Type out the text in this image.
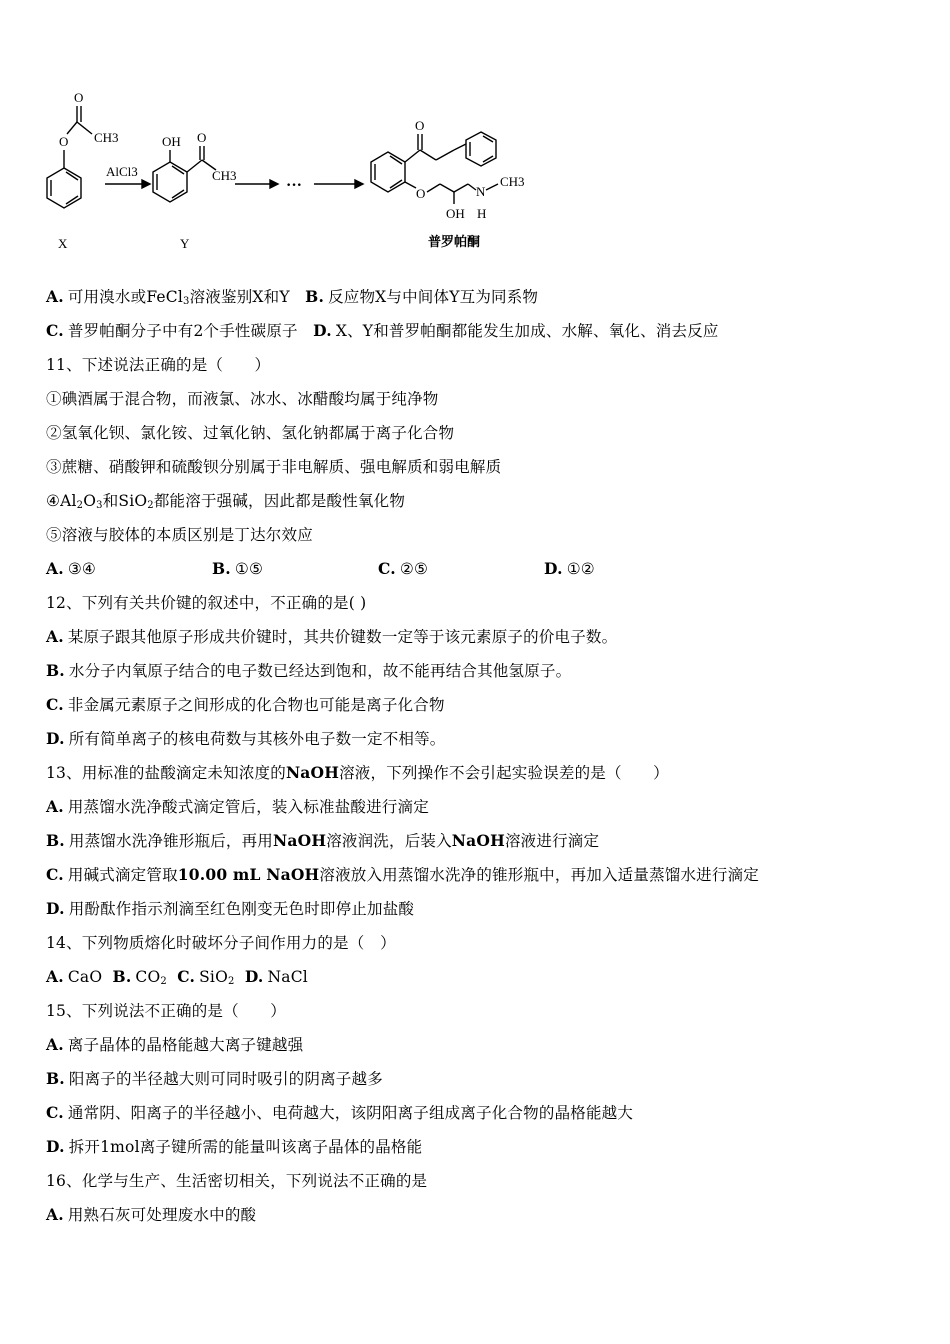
O
O CH3
AlCl3
OH O
CH3
···
O
O
OH
N
H
CH3
X	Y	普罗帕酮
A. 可用溴水或FeCl$_3$溶液鉴别X和Y B. 反应物X与中间体Y互为同系物
C. 普罗帕酮分子中有2个手性碳原子 D. X、Y和普罗帕酮都能发生加成、水解、氧化、消去反应
11、下述说法正确的是（　　）
①碘酒属于混合物，而液氯、冰水、冰醋酸均属于纯净物
②氢氧化钡、氯化铵、过氧化钠、氢化钠都属于离子化合物
③蔗糖、硝酸钾和硫酸钡分别属于非电解质、强电解质和弱电解质
$④Al_2O_3$和SiO$_2$都能溶于强碱，因此都是酸性氧化物
⑤溶液与胶体的本质区别是丁达尔效应
A. ③④	B. ①⑤	C. ②⑤	D. ①②
12、下列有关共价键的叙述中，不正确的是( )
A. 某原子跟其他原子形成共价键时，其共价键数一定等于该元素原子的价电子数。
B. 水分子内氧原子结合的电子数已经达到饱和，故不能再结合其他氢原子。
C. 非金属元素原子之间形成的化合物也可能是离子化合物
D. 所有简单离子的核电荷数与其核外电子数一定不相等。
13、用标准的盐酸滴定未知浓度的NaOH溶液，下列操作不会引起实验误差的是（　　）
A. 用蒸馏水洗净酸式滴定管后，装入标准盐酸进行滴定
B. 用蒸馏水洗净锥形瓶后，再用NaOH溶液润洗，后装入NaOH溶液进行滴定
C. 用碱式滴定管取10.00 mL NaOH溶液放入用蒸馏水洗净的锥形瓶中，再加入适量蒸馏水进行滴定
D. 用酚酞作指示剂滴至红色刚变无色时即停止加盐酸
14、下列物质熔化时破坏分子间作用力的是（　）
A. CaO B. $CO_2$ C. SiO$_2$ D. NaCl
15、下列说法不正确的是（　　）
A. 离子晶体的晶格能越大离子键越强
B. 阳离子的半径越大则可同时吸引的阴离子越多
C. 通常阴、阳离子的半径越小、电荷越大，该阴阳离子组成离子化合物的晶格能越大
D. 拆开1mol离子键所需的能量叫该离子晶体的晶格能
16、化学与生产、生活密切相关，下列说法不正确的是
A. 用熟石灰可处理废水中的酸
